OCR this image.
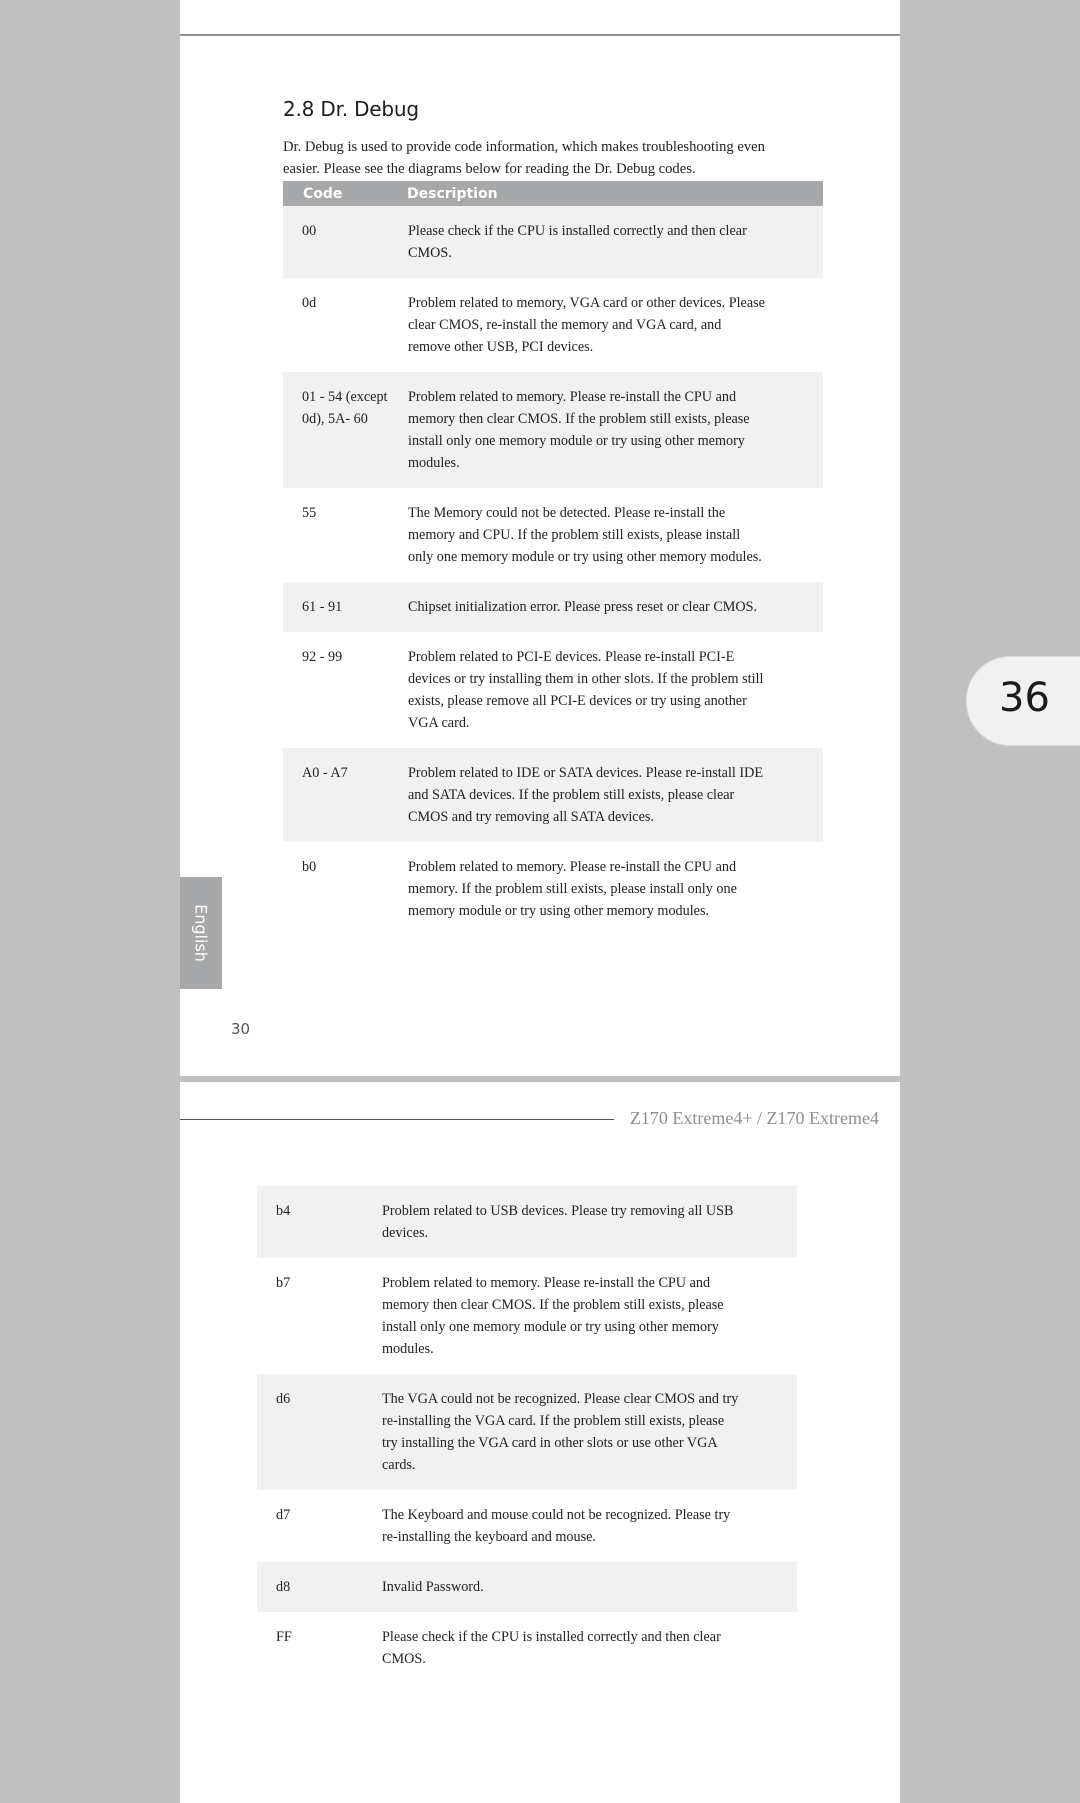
2.8 Dr. Debug

Dr. Debug is used to provide code information, which makes troubleshooting even easier. Please see the diagrams below for reading the Dr. Debug codes.

Code	Description
00	Please check if the CPU is installed correctly and then clear CMOS.
0d	Problem related to memory, VGA card or other devices. Please clear CMOS, re-install the memory and VGA card, and remove other USB, PCI devices.
01 - 54 (except 0d), 5A- 60	Problem related to memory. Please re-install the CPU and memory then clear CMOS. If the problem still exists, please install only one memory module or try using other memory modules.
55	The Memory could not be detected. Please re-install the memory and CPU. If the problem still exists, please install only one memory module or try using other memory modules.
61 - 91	Chipset initialization error. Please press reset or clear CMOS.
92 - 99	Problem related to PCI-E devices. Please re-install PCI-E devices or try installing them in other slots. If the problem still exists, please remove all PCI-E devices or try using another VGA card.
A0 - A7	Problem related to IDE or SATA devices. Please re-install IDE and SATA devices. If the problem still exists, please clear CMOS and try removing all SATA devices.
b0	Problem related to memory. Please re-install the CPU and memory. If the problem still exists, please install only one memory module or try using other memory modules.
English
30
Z170 Extreme4+ / Z170 Extreme4
b4	Problem related to USB devices. Please try removing all USB devices.
b7	Problem related to memory. Please re-install the CPU and memory then clear CMOS. If the problem still exists, please install only one memory module or try using other memory modules.
d6	The VGA could not be recognized. Please clear CMOS and try re-installing the VGA card. If the problem still exists, please try installing the VGA card in other slots or use other VGA cards.
d7	The Keyboard and mouse could not be recognized. Please try re-installing the keyboard and mouse.
d8	Invalid Password.
FF	Please check if the CPU is installed correctly and then clear CMOS.
36
